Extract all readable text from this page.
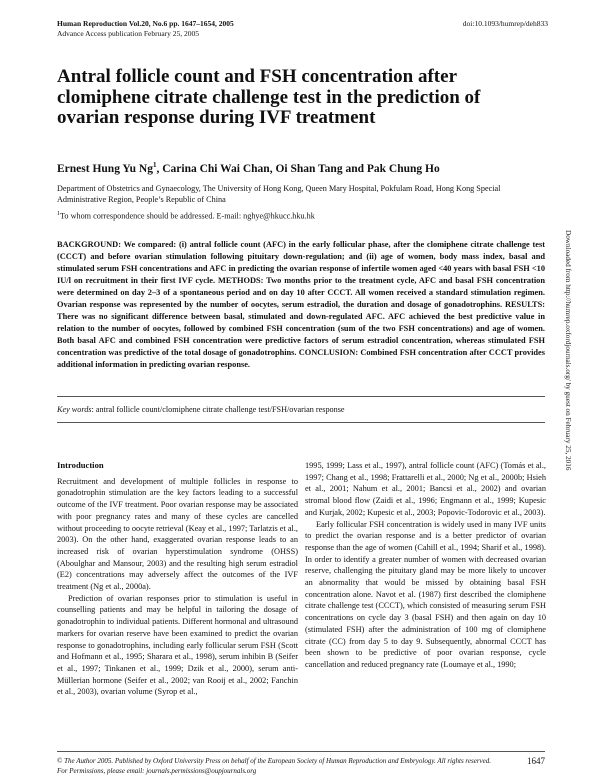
Human Reproduction Vol.20, No.6 pp. 1647–1654, 2005
Advance Access publication February 25, 2005
doi:10.1093/humrep/deh833
Antral follicle count and FSH concentration after clomiphene citrate challenge test in the prediction of ovarian response during IVF treatment
Ernest Hung Yu Ng$^1$, Carina Chi Wai Chan, Oi Shan Tang and Pak Chung Ho
Department of Obstetrics and Gynaecology, The University of Hong Kong, Queen Mary Hospital, Pokfulam Road, Hong Kong Special Administrative Region, People’s Republic of China
$^1$To whom correspondence should be addressed. E-mail: nghye@hkucc.hku.hk

BACKGROUND: We compared: (i) antral follicle count (AFC) in the early follicular phase, after the clomiphene citrate challenge test (CCCT) and before ovarian stimulation following pituitary down-regulation; and (ii) age of women, body mass index, basal and stimulated serum FSH concentrations and AFC in predicting the ovarian response of infertile women aged <40 years with basal FSH <10 IU/l on recruitment in their first IVF cycle. METHODS: Two months prior to the treatment cycle, AFC and basal FSH concentration were determined on day 2–3 of a spontaneous period and on day 10 after CCCT. All women received a standard stimulation regimen. Ovarian response was represented by the number of oocytes, serum estradiol, the duration and dosage of gonadotrophins. RESULTS: There was no significant difference between basal, stimulated and down-regulated AFC. AFC achieved the best predictive value in relation to the number of oocytes, followed by combined FSH concentration (sum of the two FSH concentrations) and age of women. Both basal AFC and combined FSH concentration were predictive factors of serum estradiol concentration, whereas stimulated FSH concentration was predictive of the total dosage of gonadotrophins. CONCLUSION: Combined FSH concentration after CCCT provides additional information in predicting ovarian response.

Key words: antral follicle count/clomiphene citrate challenge test/FSH/ovarian response
Introduction

Recruitment and development of multiple follicles in response to gonadotrophin stimulation are the key factors leading to a successful outcome of the IVF treatment. Poor ovarian response may be associated with poor pregnancy rates and many of these cycles are cancelled without proceeding to oocyte retrieval (Keay et al., 1997; Tarlatzis et al., 2003). On the other hand, exaggerated ovarian response leads to an increased risk of ovarian hyperstimulation syndrome (OHSS) (Aboulghar and Mansour, 2003) and the resulting high serum estradiol (E2) concentrations may adversely affect the outcomes of the IVF treatment (Ng et al., 2000a).

Prediction of ovarian responses prior to stimulation is useful in counselling patients and may be helpful in tailoring the dosage of gonadotrophin to individual patients. Different hormonal and ultrasound markers for ovarian reserve have been examined to predict the ovarian response to gonadotrophins, including early follicular serum FSH (Scott and Hofmann et al., 1995; Sharara et al., 1998), serum inhibin B (Seifer et al., 1997; Tinkanen et al., 1999; Dzik et al., 2000), serum anti-Müllerian hormone (Seifer et al., 2002; van Rooij et al., 2002; Fanchin et al., 2003), ovarian volume (Syrop et al.,

1995, 1999; Lass et al., 1997), antral follicle count (AFC) (Tomás et al., 1997; Chang et al., 1998; Frattarelli et al., 2000; Ng et al., 2000b; Hsieh et al., 2001; Nahum et al., 2001; Bancsi et al., 2002) and ovarian stromal blood flow (Zaidi et al., 1996; Engmann et al., 1999; Kupesic and Kurjak, 2002; Kupesic et al., 2003; Popovic-Todorovic et al., 2003).

Early follicular FSH concentration is widely used in many IVF units to predict the ovarian response and is a better predictor of ovarian response than the age of women (Cahill et al., 1994; Sharif et al., 1998). In order to identify a greater number of women with decreased ovarian reserve, challenging the pituitary gland may be more likely to uncover an abnormality that would be missed by obtaining basal FSH concentration alone. Navot et al. (1987) first described the clomiphene citrate challenge test (CCCT), which consisted of measuring serum FSH concentrations on cycle day 3 (basal FSH) and then again on day 10 (stimulated FSH) after the administration of 100 mg of clomiphene citrate (CC) from day 5 to day 9. Subsequently, abnormal CCCT has been shown to be predictive of poor ovarian response, cycle cancellation and reduced pregnancy rate (Loumaye et al., 1990;

© The Author 2005. Published by Oxford University Press on behalf of the European Society of Human Reproduction and Embryology. All rights reserved.
For Permissions, please email: journals.permissions@oupjournals.org
1647
Downloaded from http://humrep.oxfordjournals.org/ by guest on February 25, 2016
